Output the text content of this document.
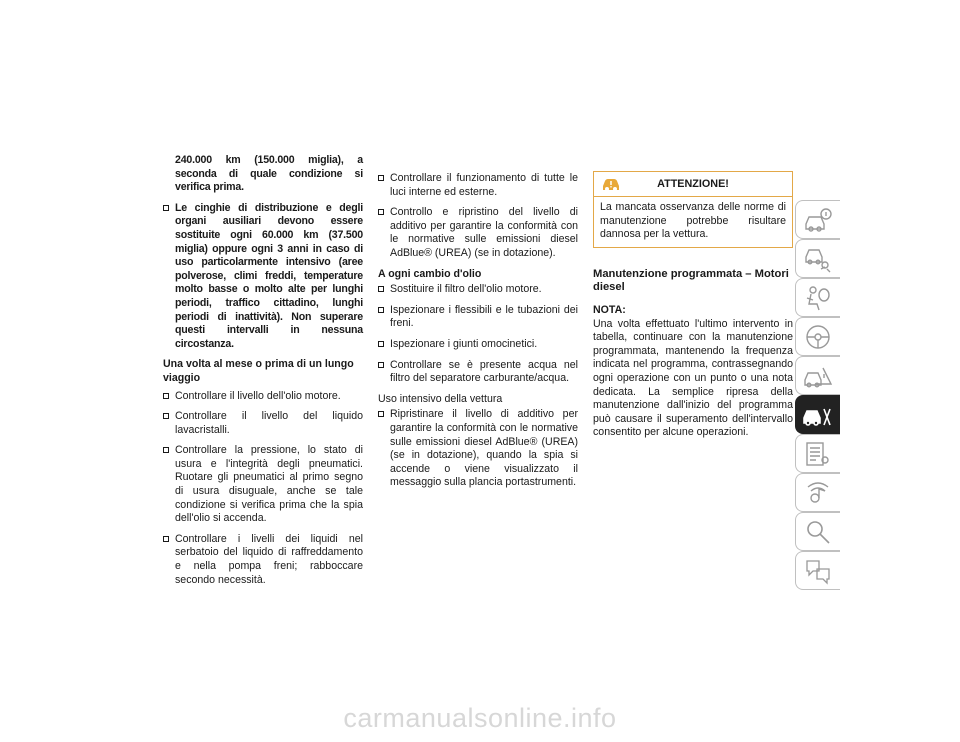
240.000 km (150.000 miglia), a seconda di quale condizione si verifica prima.

Le cinghie di distribuzione e degli organi ausiliari devono essere sostituite ogni 60.000 km (37.500 miglia) oppure ogni 3 anni in caso di uso particolarmente intensivo (aree polverose, climi freddi, temperature molto basse o molto alte per lunghi periodi, traffico cittadino, lunghi periodi di inattività). Non superare questi intervalli in nessuna circostanza.

Una volta al mese o prima di un lungo viaggio

Controllare il livello dell'olio motore.

Controllare il livello del liquido lavacristalli.

Controllare la pressione, lo stato di usura e l'integrità degli pneumatici. Ruotare gli pneumatici al primo segno di usura disuguale, anche se tale condizione si verifica prima che la spia dell'olio si accenda.

Controllare i livelli dei liquidi nel serbatoio del liquido di raffreddamento e nella pompa freni; rabboccare secondo necessità.

Controllare il funzionamento di tutte le luci interne ed esterne.

Controllo e ripristino del livello di additivo per garantire la conformità con le normative sulle emissioni diesel AdBlue® (UREA) (se in dotazione).

A ogni cambio d'olio

Sostituire il filtro dell'olio motore.

Ispezionare i flessibili e le tubazioni dei freni.

Ispezionare i giunti omocinetici.

Controllare se è presente acqua nel filtro del separatore carburante/acqua.

Uso intensivo della vettura

Ripristinare il livello di additivo per garantire la conformità con le normative sulle emissioni diesel AdBlue® (UREA) (se in dotazione), quando la spia si accende o viene visualizzato il messaggio sulla plancia portastrumenti.

ATTENZIONE!
La mancata osservanza delle norme di manutenzione potrebbe risultare dannosa per la vettura.

Manutenzione programmata – Motori diesel

NOTA:

Una volta effettuato l'ultimo intervento in tabella, continuare con la manutenzione programmata, mantenendo la frequenza indicata nel programma, contrassegnando ogni operazione con un punto o una nota dedicata. La semplice ripresa della manutenzione dall'inizio del programma può causare il superamento dell'intervallo consentito per alcune operazioni.

carmanualsonline.info
